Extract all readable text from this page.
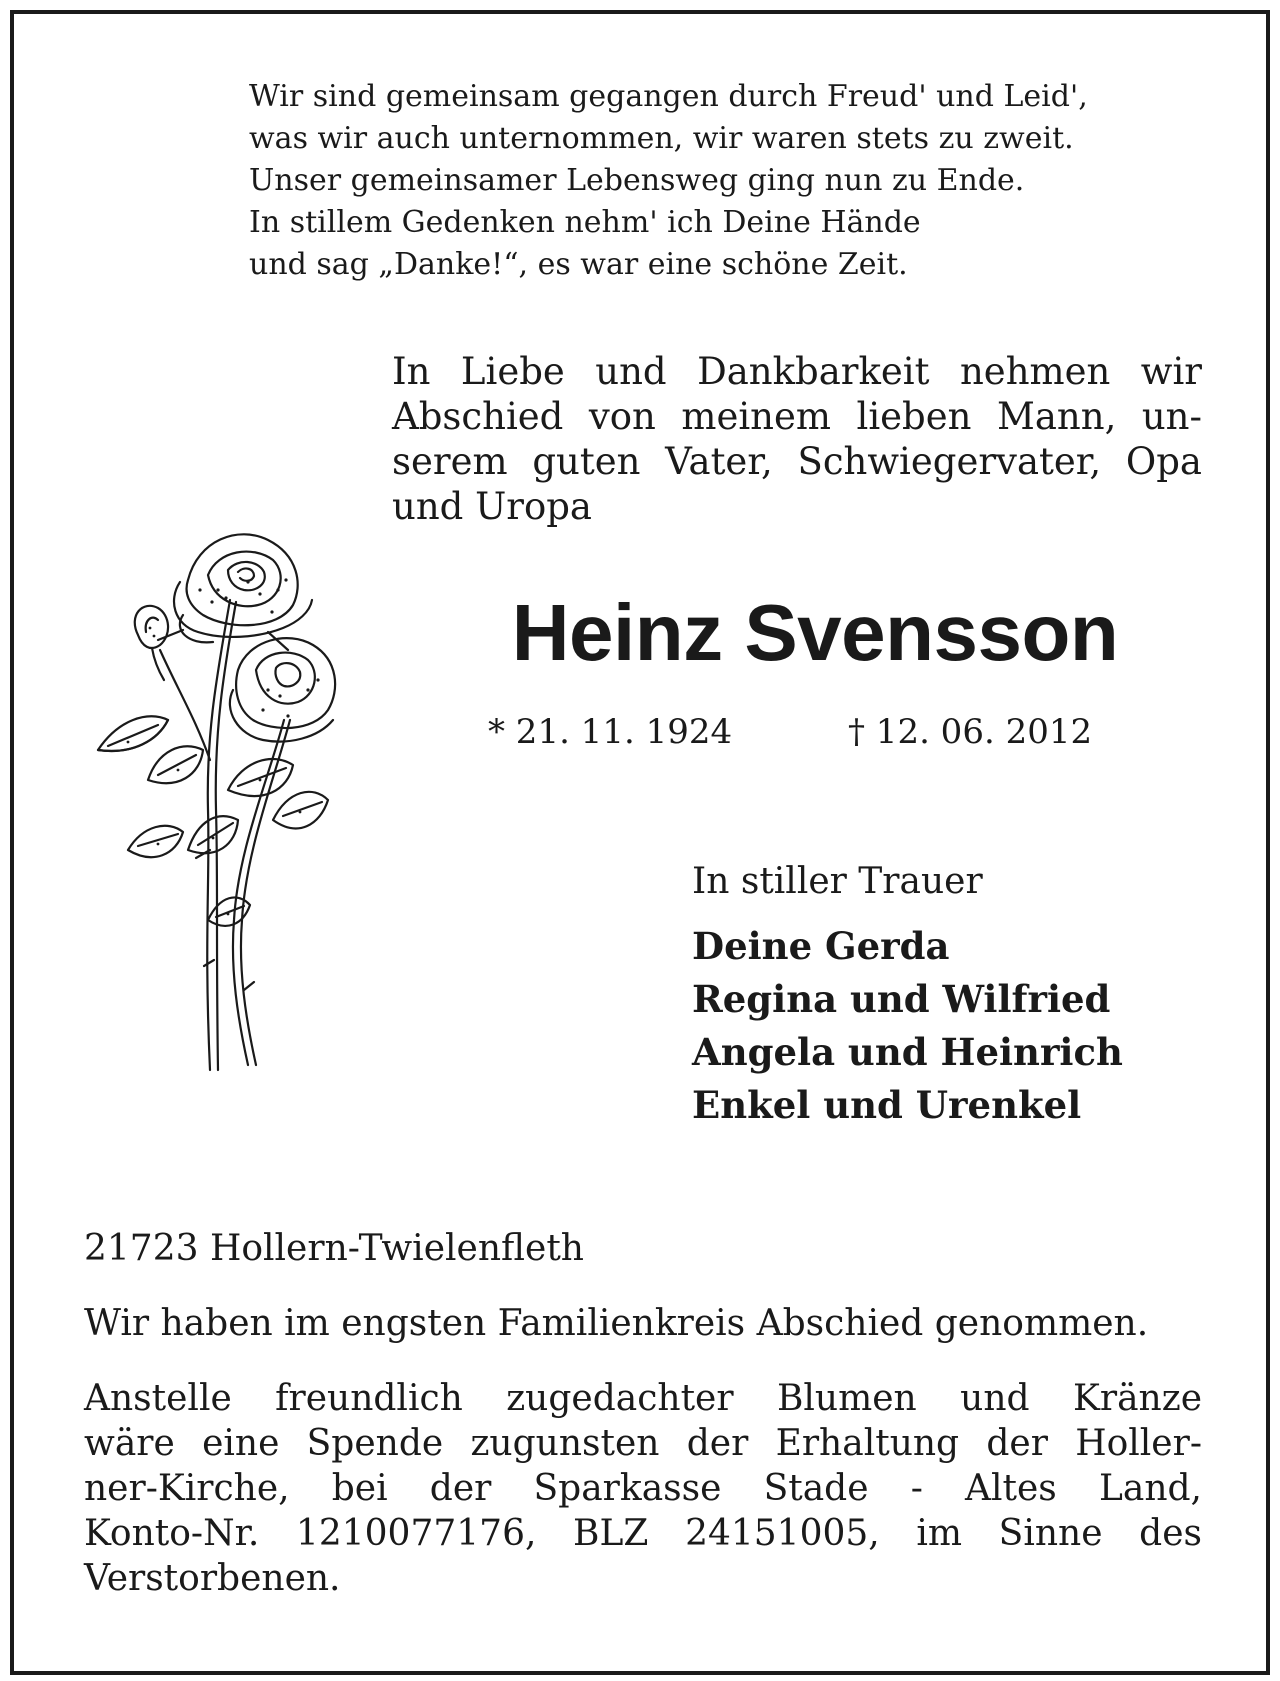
Wir sind gemeinsam gegangen durch Freud' und Leid',
was wir auch unternommen, wir waren stets zu zweit.
Unser gemeinsamer Lebensweg ging nun zu Ende.
In stillem Gedenken nehm' ich Deine Hände
und sag „Danke!“, es war eine schöne Zeit.
In Liebe und Dankbarkeit nehmen wir
Abschied von meinem lieben Mann, un-
serem guten Vater, Schwiegervater, Opa
und Uropa
Heinz Svensson
* 21. 11. 1924	† 12. 06. 2012
In stiller Trauer
Deine Gerda
Regina und Wilfried
Angela und Heinrich
Enkel und Urenkel
21723 Hollern-Twielenfleth
Wir haben im engsten Familienkreis Abschied genommen.
Anstelle freundlich zugedachter Blumen und Kränze
wäre eine Spende zugunsten der Erhaltung der Holler-
ner-Kirche, bei der Sparkasse Stade - Altes Land,
Konto-Nr. 1210077176, BLZ 24151005, im Sinne des
Verstorbenen.
